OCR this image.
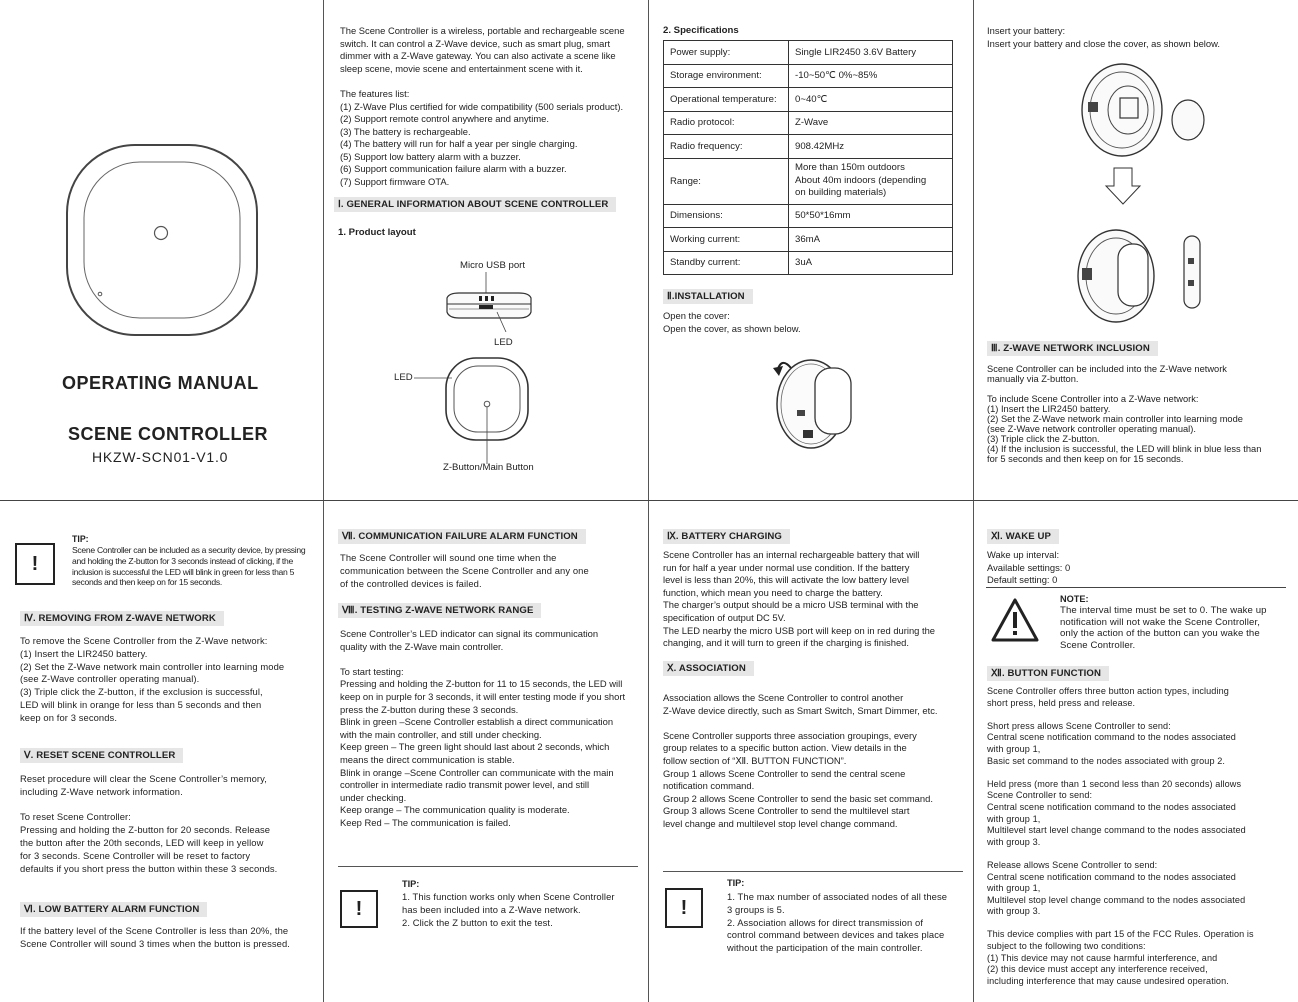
OPERATING MANUAL
SCENE CONTROLLER
HKZW-SCN01-V1.0
The Scene Controller is a wireless, portable and rechargeable scene
switch. It can control a Z-Wave device, such as smart plug, smart
dimmer with a Z-Wave gateway. You can also activate a scene like
sleep scene, movie scene and entertainment scene with it.
The features list:
(1) Z-Wave Plus certified for wide compatibility (500 serials product).
(2) Support remote control anywhere and anytime.
(3) The battery is rechargeable.
(4) The battery will run for half a year per single charging.
(5) Support low battery alarm with a buzzer.
(6) Support communication failure alarm with a buzzer.
(7) Support firmware OTA.
Ⅰ. GENERAL INFORMATION ABOUT SCENE CONTROLLER
1. Product layout
Micro USB port
LED
LED
Z-Button/Main Button
2. Specifications
Power supply:	Single LIR2450 3.6V Battery
Storage environment:	-10~50℃ 0%~85%
Operational temperature:	0~40℃
Radio protocol:	Z-Wave
Radio frequency:	908.42MHz
Range:	More than 150m outdoors
About 40m indoors (depending
on building materials)
Dimensions:	50*50*16mm
Working current:	36mA
Standby current:	3uA
Ⅱ.INSTALLATION
Open the cover:
Open the cover, as shown below.
Insert your battery:
Insert your battery and close the cover, as shown below.
Ⅲ. Z-WAVE NETWORK INCLUSION
Scene Controller can be included into the Z-Wave network
manually via Z-button.

To include Scene Controller into a Z-Wave network:
(1) Insert the LIR2450 battery.
(2) Set the Z-Wave network main controller into learning mode
(see Z-Wave network controller operating manual).
(3) Triple click the Z-button.
(4) If the inclusion is successful, the LED will blink in blue less than
for 5 seconds and then keep on for 15 seconds.
!
TIP:
Scene Controller can be included as a security device, by pressing
and holding the Z-button for 3 seconds instead of clicking, if the
inclusion is successful the LED will blink in green for less than 5
seconds and then keep on for 15 seconds.
Ⅳ. REMOVING FROM Z-WAVE NETWORK
To remove the Scene Controller from the Z-Wave network:
(1) Insert the LIR2450 battery.
(2) Set the Z-Wave network main controller into learning mode
(see Z-Wave controller operating manual).
(3) Triple click the Z-button, if the exclusion is successful,
LED will blink in orange for less than 5 seconds and then
keep on for 3 seconds.
Ⅴ. RESET SCENE CONTROLLER
Reset procedure will clear the Scene Controller’s memory,
including Z-Wave network information.

To reset Scene Controller:
Pressing and holding the Z-button for 20 seconds. Release
the button after the 20th seconds, LED will keep in yellow
for 3 seconds. Scene Controller will be reset to factory
defaults if you short press the button within these 3 seconds.
Ⅵ. LOW BATTERY ALARM FUNCTION
If the battery level of the Scene Controller is less than 20%, the
Scene Controller will sound 3 times when the button is pressed.
Ⅶ. COMMUNICATION FAILURE ALARM FUNCTION
The Scene Controller will sound one time when the
communication between the Scene Controller and any one
of the controlled devices is failed.
Ⅷ. TESTING Z-WAVE NETWORK RANGE
Scene Controller’s LED indicator can signal its communication
quality with the Z-Wave main controller.

To start testing:
Pressing and holding the Z-button for 11 to 15 seconds, the LED will
keep on in purple for 3 seconds, it will enter testing mode if you short
press the Z-button during these 3 seconds.
Blink in green –Scene Controller establish a direct communication
with the main controller, and still under checking.
Keep green – The green light should last about 2 seconds, which
means the direct communication is stable.
Blink in orange –Scene Controller can communicate with the main
controller in intermediate radio transmit power level, and still
under checking.
Keep orange – The communication quality is moderate.
Keep Red – The communication is failed.
!
TIP:
1. This function works only when Scene Controller
has been included into a Z-Wave network.
2. Click the Z button to exit the test.
Ⅸ. BATTERY CHARGING
Scene Controller has an internal rechargeable battery that will
run for half a year under normal use condition. If the battery
level is less than 20%, this will activate the low battery level
function, which mean you need to charge the battery.
The charger’s output should be a micro USB terminal with the
specification of output DC 5V.
The LED nearby the micro USB port will keep on in red during the
changing, and it will turn to green if the charging is finished.
Ⅹ. ASSOCIATION
Association allows the Scene Controller to control another
Z-Wave device directly, such as Smart Switch, Smart Dimmer, etc.

Scene Controller supports three association groupings, every
group relates to a specific button action. View details in the
follow section of “Ⅻ. BUTTON FUNCTION”.
Group 1 allows Scene Controller to send the central scene
notification command.
Group 2 allows Scene Controller to send the basic set command.
Group 3 allows Scene Controller to send the multilevel start
level change and multilevel stop level change command.
!
TIP:
1. The max number of associated nodes of all these
3 groups is 5.
2. Association allows for direct transmission of
control command between devices and takes place
without the participation of the main controller.
Ⅺ. WAKE UP
Wake up interval:
Available settings: 0
Default setting: 0
NOTE:
The interval time must be set to 0. The wake up
notification will not wake the Scene Controller,
only the action of the button can you wake the
Scene Controller.
Ⅻ. BUTTON FUNCTION
Scene Controller offers three button action types, including
short press, held press and release.

Short press allows Scene Controller to send:
Central scene notification command to the nodes associated
with group 1,
Basic set command to the nodes associated with group 2.

Held press (more than 1 second less than 20 seconds) allows
Scene Controller to send:
Central scene notification command to the nodes associated
with group 1,
Multilevel start level change command to the nodes associated
with group 3.

Release allows Scene Controller to send:
Central scene notification command to the nodes associated
with group 1,
Multilevel stop level change command to the nodes associated
with group 3.

This device complies with part 15 of the FCC Rules. Operation is
subject to the following two conditions:
(1) This device may not cause harmful interference, and
(2) this device must accept any interference received,
including interference that may cause undesired operation.
